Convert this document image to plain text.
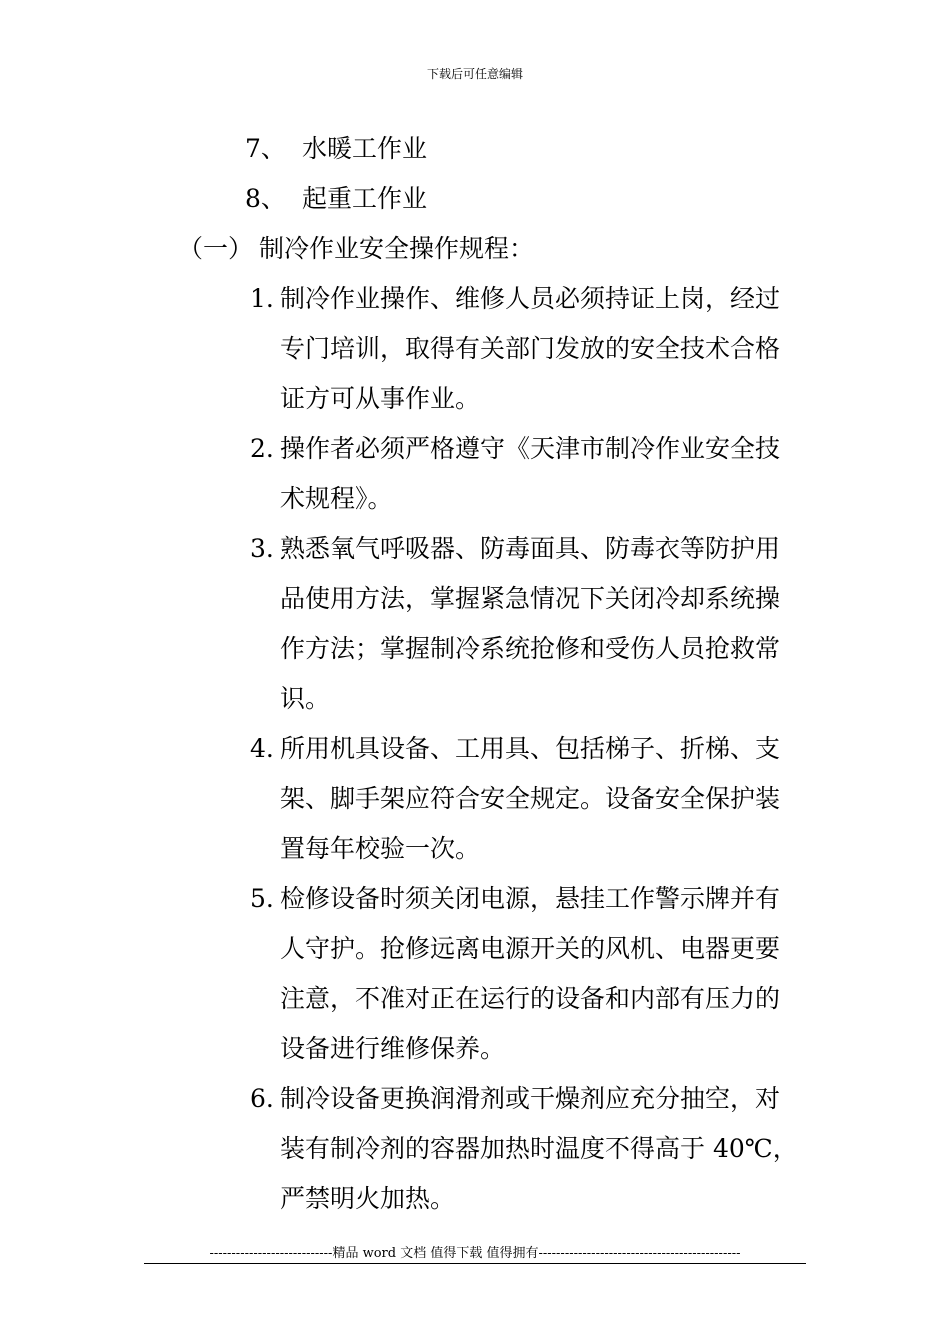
下载后可任意编辑
7、 水暖工作业
8、 起重工作业
（一） 制冷作业安全操作规程：
1. 制冷作业操作、维修人员必须持证上岗，经过
专门培训，取得有关部门发放的安全技术合格
证方可从事作业。
2. 操作者必须严格遵守《天津市制冷作业安全技
术规程》。
3. 熟悉氧气呼吸器、防毒面具、防毒衣等防护用
品使用方法，掌握紧急情况下关闭冷却系统操
作方法；掌握制冷系统抢修和受伤人员抢救常
识。
4. 所用机具设备、工用具、包括梯子、折梯、支
架、脚手架应符合安全规定。设备安全保护装
置每年校验一次。
5. 检修设备时须关闭电源，悬挂工作警示牌并有
人守护。抢修远离电源开关的风机、电器更要
注意，不准对正在运行的设备和内部有压力的
设备进行维修保养。
6. 制冷设备更换润滑剂或干燥剂应充分抽空，对
装有制冷剂的容器加热时温度不得高于 40℃，
严禁明火加热。
----------------------------精品 word 文档 值得下载 值得拥有----------------------------------------------
